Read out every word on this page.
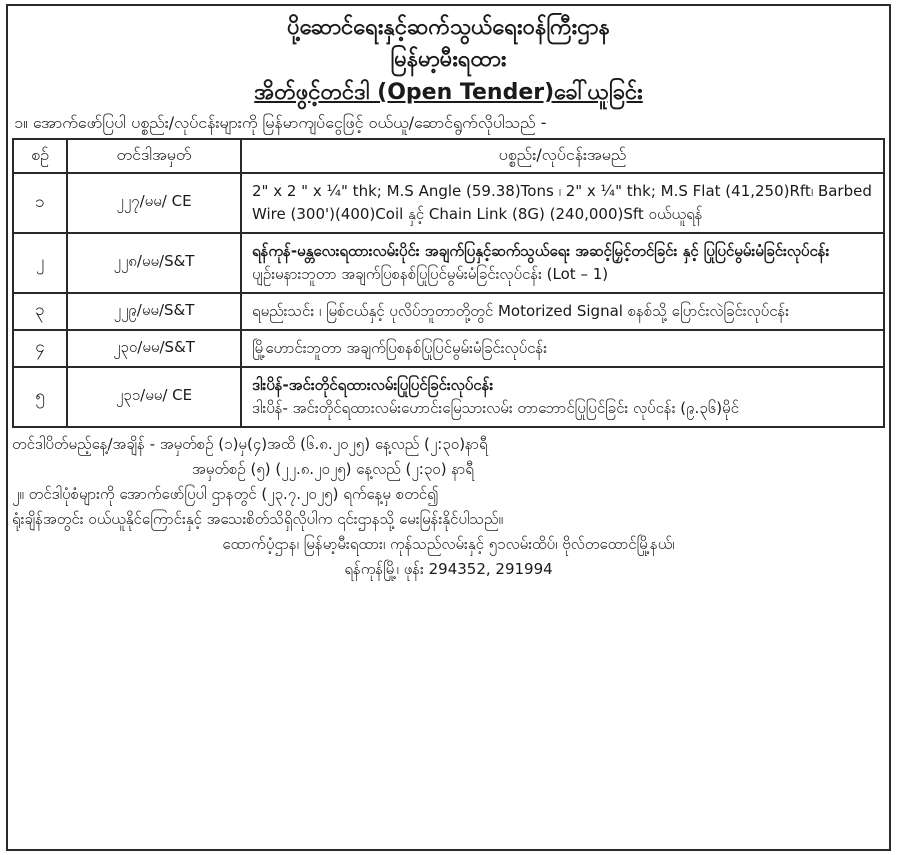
ပို့ဆောင်ရေးနှင့်ဆက်သွယ်ရေးဝန်ကြီးဌာန
မြန်မာ့မီးရထား
အိတ်ဖွင့်တင်ဒါ (Open Tender)ခေါ်ယူခြင်း
၁။ အောက်ဖော်ပြပါ ပစ္စည်း/လုပ်ငန်းများကို မြန်မာကျပ်ငွေဖြင့် ဝယ်ယူ/ဆောင်ရွက်လိုပါသည် -
စဉ်	တင်ဒါအမှတ်	ပစ္စည်း/လုပ်ငန်းအမည်
၁	၂၂၇/မမ/ CE	2" x 2 " x ¼" thk; M.S Angle (59.38)Tons ၊ 2" x ¼" thk; M.S Flat (41,250)Rft၊ Barbed Wire (300')(400)Coil နှင့် Chain Link (8G) (240,000)Sft ဝယ်ယူရန်

၂	၂၂၈/မမ/S&T	ရန်ကုန်-မန္တလေးရထားလမ်းပိုင်း အချက်ပြနှင့်ဆက်သွယ်ရေး အဆင့်မြှင့်တင်ခြင်း နှင့် ပြုပြင်မွမ်းမံခြင်းလုပ်ငန်း
ပျဉ်းမနားဘူတာ အချက်ပြစနစ်ပြုပြင်မွမ်းမံခြင်းလုပ်ငန်း (Lot – 1)

၃	၂၂၉/မမ/S&T	ရမည်းသင်း ၊ မြစ်ငယ်နှင့် ပုလိပ်ဘူတာတို့တွင် Motorized Signal စနစ်သို့ ပြောင်းလဲခြင်းလုပ်ငန်း

၄	၂၃၀/မမ/S&T	မြို့ဟောင်းဘူတာ အချက်ပြစနစ်ပြုပြင်မွမ်းမံခြင်းလုပ်ငန်း

၅	၂၃၁/မမ/ CE	ဒါးပိန်-အင်းတိုင်ရထားလမ်းပြုပြင်ခြင်းလုပ်ငန်း
ဒါးပိန်- အင်းတိုင်ရထားလမ်းဟောင်းမြေသားလမ်း တာဘောင်ပြုပြင်ခြင်း လုပ်ငန်း (၉.၃၆)မိုင်
တင်ဒါပိတ်မည့်နေ့/အချိန် - အမှတ်စဉ် (၁)မှ(၄)အထိ (၆.၈.၂၀၂၅) နေ့လည် (၂:၃၀)နာရီ
အမှတ်စဉ် (၅) (၂၂.၈.၂၀၂၅) နေ့လည် (၂:၃၀) နာရီ
၂။ တင်ဒါပုံစံများကို အောက်ဖော်ပြပါ ဌာနတွင် (၂၃.၇.၂၀၂၅) ရက်နေ့မှ စတင်၍
ရုံးချိန်အတွင်း ဝယ်ယူနိုင်ကြောင်းနှင့် အသေးစိတ်သိရှိလိုပါက ၎င်းဌာနသို့ မေးမြန်းနိုင်ပါသည်။
ထောက်ပံ့ဌာန၊ မြန်မာ့မီးရထား၊ ကုန်သည်လမ်းနှင့် ၅၁လမ်းထိပ်၊ ဗိုလ်တထောင်မြို့နယ်၊
ရန်ကုန်မြို့၊ ဖုန်း 294352, 291994
